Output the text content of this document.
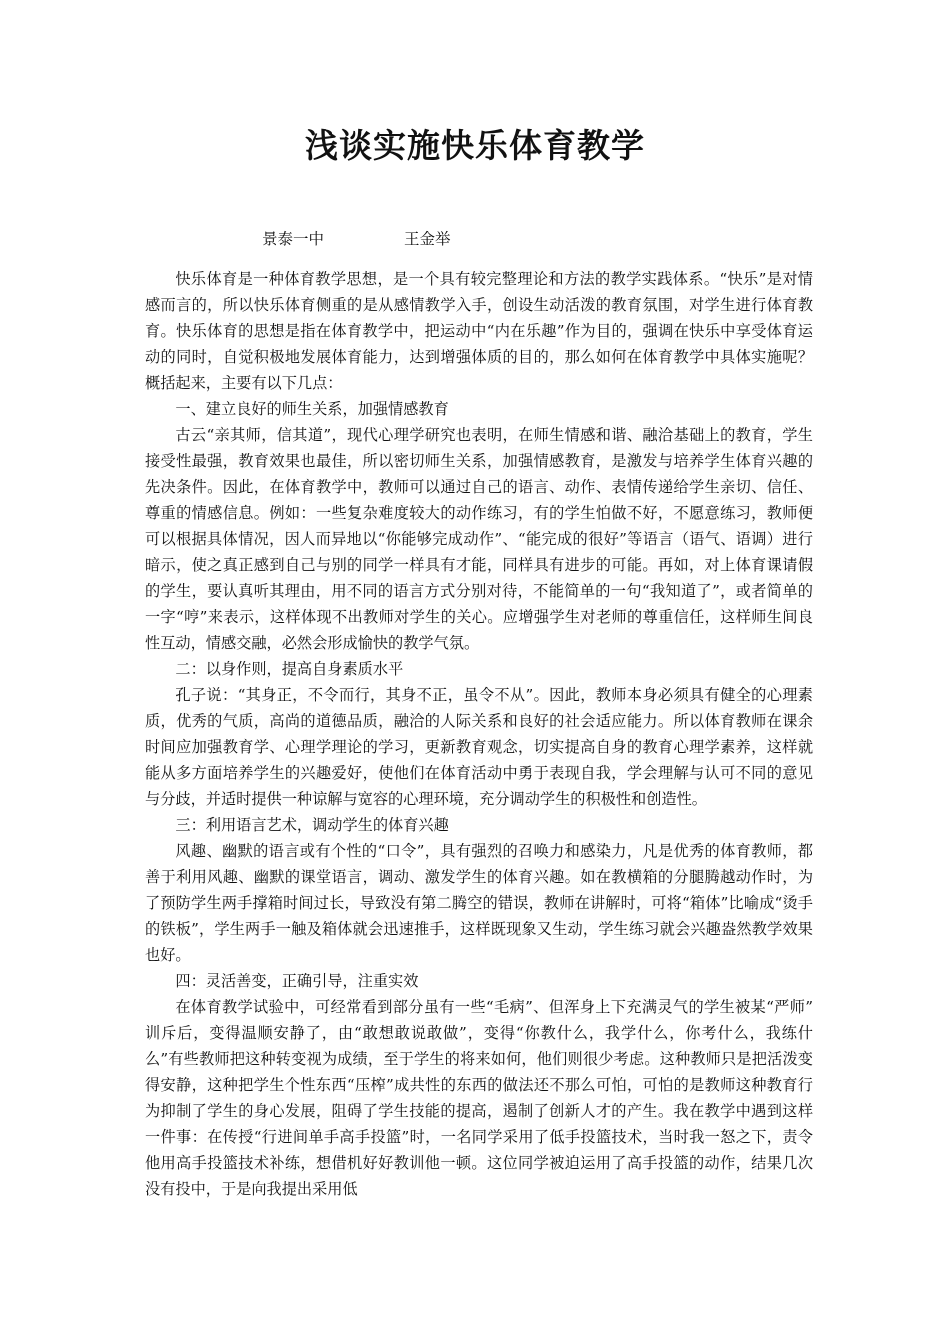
浅谈实施快乐体育教学
景泰一中	王金举

快乐体育是一种体育教学思想，是一个具有较完整理论和方法的教学实践体系。“快乐”是对情感而言的，所以快乐体育侧重的是从感情教学入手，创设生动活泼的教育氛围，对学生进行体育教育。快乐体育的思想是指在体育教学中，把运动中“内在乐趣”作为目的，强调在快乐中享受体育运动的同时，自觉积极地发展体育能力，达到增强体质的目的，那么如何在体育教学中具体实施呢？概括起来，主要有以下几点：

一、建立良好的师生关系，加强情感教育

古云“亲其师，信其道”，现代心理学研究也表明，在师生情感和谐、融洽基础上的教育，学生接受性最强，教育效果也最佳，所以密切师生关系，加强情感教育，是激发与培养学生体育兴趣的先决条件。因此，在体育教学中，教师可以通过自己的语言、动作、表情传递给学生亲切、信任、尊重的情感信息。例如：一些复杂难度较大的动作练习，有的学生怕做不好，不愿意练习，教师便可以根据具体情况，因人而异地以“你能够完成动作”、“能完成的很好”等语言（语气、语调）进行暗示，使之真正感到自己与别的同学一样具有才能，同样具有进步的可能。再如，对上体育课请假的学生，要认真听其理由，用不同的语言方式分别对待，不能简单的一句“我知道了”，或者简单的一字“哼”来表示，这样体现不出教师对学生的关心。应增强学生对老师的尊重信任，这样师生间良性互动，情感交融，必然会形成愉快的教学气氛。

二：以身作则，提高自身素质水平

孔子说：“其身正，不令而行，其身不正，虽令不从”。因此，教师本身必须具有健全的心理素质，优秀的气质，高尚的道德品质，融洽的人际关系和良好的社会适应能力。所以体育教师在课余时间应加强教育学、心理学理论的学习，更新教育观念，切实提高自身的教育心理学素养，这样就能从多方面培养学生的兴趣爱好，使他们在体育活动中勇于表现自我，学会理解与认可不同的意见与分歧，并适时提供一种谅解与宽容的心理环境，充分调动学生的积极性和创造性。

三：利用语言艺术，调动学生的体育兴趣

风趣、幽默的语言或有个性的“口令”，具有强烈的召唤力和感染力，凡是优秀的体育教师，都善于利用风趣、幽默的课堂语言，调动、激发学生的体育兴趣。如在教横箱的分腿腾越动作时，为了预防学生两手撑箱时间过长，导致没有第二腾空的错误，教师在讲解时，可将“箱体”比喻成“烫手的铁板”，学生两手一触及箱体就会迅速推手，这样既现象又生动，学生练习就会兴趣盎然教学效果也好。

四：灵活善变，正确引导，注重实效

在体育教学试验中，可经常看到部分虽有一些“毛病”、但浑身上下充满灵气的学生被某“严师”　训斥后，变得温顺安静了，由“敢想敢说敢做”，变得“你教什么，我学什么，你考什么，我练什么”有些教师把这种转变视为成绩，至于学生的将来如何，他们则很少考虑。这种教师只是把活泼变得安静，这种把学生个性东西“压榨”成共性的东西的做法还不那么可怕，可怕的是教师这种教育行为抑制了学生的身心发展，阻碍了学生技能的提高，遏制了创新人才的产生。我在教学中遇到这样一件事：在传授“行进间单手高手投篮”时，一名同学采用了低手投篮技术，当时我一怒之下，责令他用高手投篮技术补练，想借机好好教训他一顿。这位同学被迫运用了高手投篮的动作，结果几次没有投中，于是向我提出采用低
